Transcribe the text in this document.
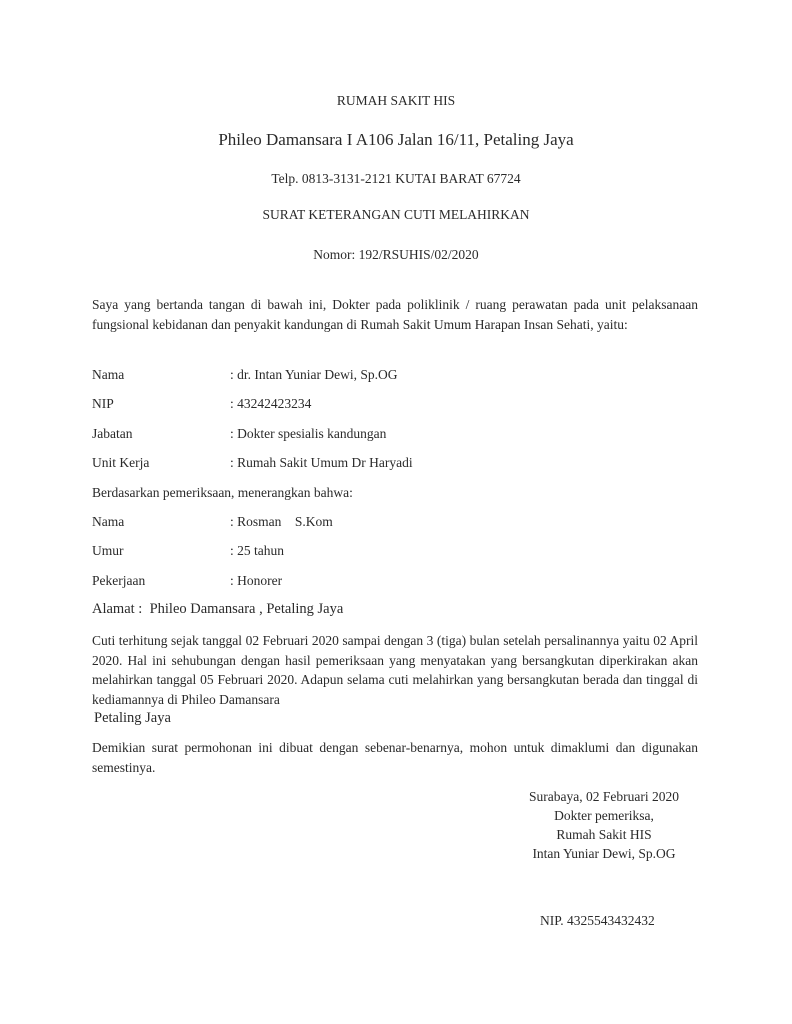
RUMAH SAKIT HIS
Phileo Damansara I A106 Jalan 16/11, Petaling Jaya
Telp. 0813-3131-2121 KUTAI BARAT 67724
SURAT KETERANGAN CUTI MELAHIRKAN
Nomor: 192/RSUHIS/02/2020
Saya yang bertanda tangan di bawah ini, Dokter pada poliklinik / ruang perawatan pada unit pelaksanaan fungsional kebidanan dan penyakit kandungan di Rumah Sakit Umum Harapan Insan Sehati, yaitu:
Nama	: dr. Intan Yuniar Dewi, Sp.OG
NIP	: 43242423234
Jabatan	: Dokter spesialis kandungan
Unit Kerja	: Rumah Sakit Umum Dr Haryadi
Berdasarkan pemeriksaan, menerangkan bahwa:
Nama	: Rosman    S.Kom
Umur	: 25 tahun
Pekerjaan	: Honorer
Alamat :  Phileo Damansara , Petaling Jaya
Cuti terhitung sejak tanggal 02 Februari 2020 sampai dengan 3 (tiga) bulan setelah persalinannya yaitu 02 April 2020. Hal ini sehubungan dengan hasil pemeriksaan yang menyatakan yang bersangkutan diperkirakan akan melahirkan tanggal 05 Februari 2020. Adapun selama cuti melahirkan yang bersangkutan berada dan tinggal di kediamannya di Phileo Damansara
Petaling Jaya
Demikian surat permohonan ini dibuat dengan sebenar-benarnya, mohon untuk dimaklumi dan digunakan semestinya.
Surabaya, 02 Februari 2020
Dokter pemeriksa,
Rumah Sakit HIS
Intan Yuniar Dewi, Sp.OG
NIP. 4325543432432
